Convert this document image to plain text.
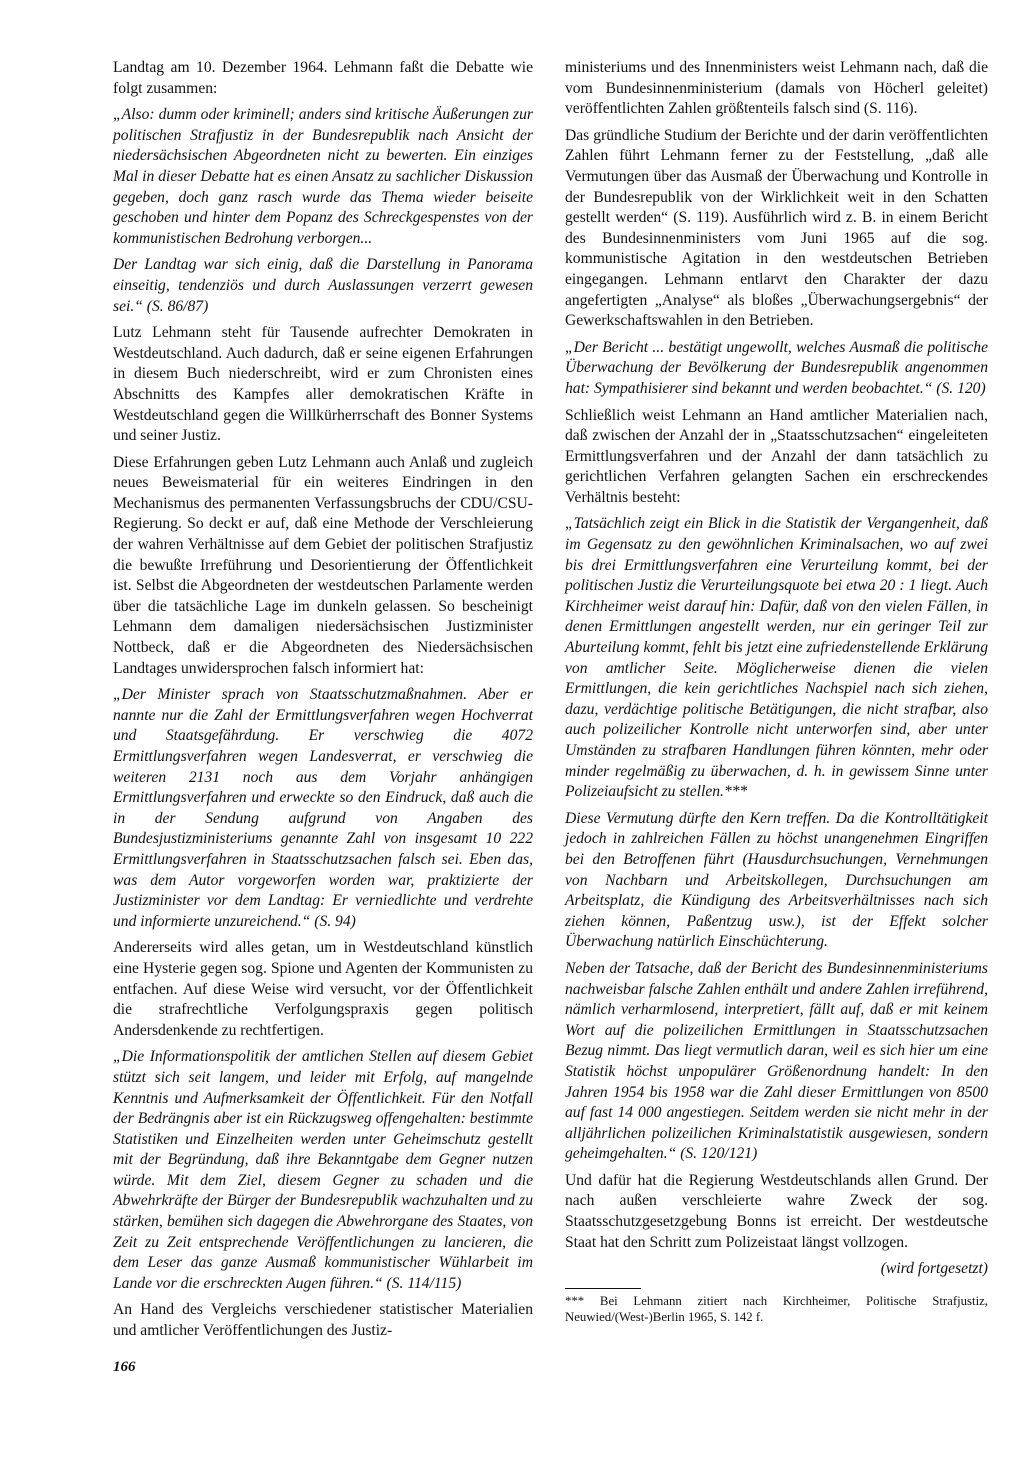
Landtag am 10. Dezember 1964. Lehmann faßt die Debatte wie folgt zusammen:

„Also: dumm oder kriminell; anders sind kritische Äußerungen zur politischen Strafjustiz in der Bundesrepublik nach Ansicht der niedersächsischen Abgeordneten nicht zu bewerten. Ein einziges Mal in dieser Debatte hat es einen Ansatz zu sachlicher Diskussion gegeben, doch ganz rasch wurde das Thema wieder beiseite geschoben und hinter dem Popanz des Schreckgespenstes von der kommunistischen Bedrohung verborgen...

Der Landtag war sich einig, daß die Darstellung in Panorama einseitig, tendenziös und durch Auslassungen verzerrt gewesen sei.“ (S. 86/87)

Lutz Lehmann steht für Tausende aufrechter Demokraten in Westdeutschland. Auch dadurch, daß er seine eigenen Erfahrungen in diesem Buch niederschreibt, wird er zum Chronisten eines Abschnitts des Kampfes aller demokratischen Kräfte in Westdeutschland gegen die Willkürherrschaft des Bonner Systems und seiner Justiz.

Diese Erfahrungen geben Lutz Lehmann auch Anlaß und zugleich neues Beweismaterial für ein weiteres Eindringen in den Mechanismus des permanenten Verfassungsbruchs der CDU/CSU-Regierung. So deckt er auf, daß eine Methode der Verschleierung der wahren Verhältnisse auf dem Gebiet der politischen Strafjustiz die bewußte Irreführung und Desorientierung der Öffentlichkeit ist. Selbst die Abgeordneten der westdeutschen Parlamente werden über die tatsächliche Lage im dunkeln gelassen. So bescheinigt Lehmann dem damaligen niedersächsischen Justizminister Nottbeck, daß er die Abgeordneten des Niedersächsischen Landtages unwidersprochen falsch informiert hat:

„Der Minister sprach von Staatsschutzmaßnahmen. Aber er nannte nur die Zahl der Ermittlungsverfahren wegen Hochverrat und Staatsgefährdung. Er verschwieg die 4072 Ermittlungsverfahren wegen Landesverrat, er verschwieg die weiteren 2131 noch aus dem Vorjahr anhängigen Ermittlungsverfahren und erweckte so den Eindruck, daß auch die in der Sendung aufgrund von Angaben des Bundesjustizministeriums genannte Zahl von insgesamt 10 222 Ermittlungsverfahren in Staatsschutzsachen falsch sei. Eben das, was dem Autor vorgeworfen worden war, praktizierte der Justizminister vor dem Landtag: Er verniedlichte und verdrehte und informierte unzureichend.“ (S. 94)

Andererseits wird alles getan, um in Westdeutschland künstlich eine Hysterie gegen sog. Spione und Agenten der Kommunisten zu entfachen. Auf diese Weise wird versucht, vor der Öffentlichkeit die strafrechtliche Verfolgungspraxis gegen politisch Andersdenkende zu rechtfertigen.

„Die Informationspolitik der amtlichen Stellen auf diesem Gebiet stützt sich seit langem, und leider mit Erfolg, auf mangelnde Kenntnis und Aufmerksamkeit der Öffentlichkeit. Für den Notfall der Bedrängnis aber ist ein Rückzugsweg offengehalten: bestimmte Statistiken und Einzelheiten werden unter Geheimschutz gestellt mit der Begründung, daß ihre Bekanntgabe dem Gegner nutzen würde. Mit dem Ziel, diesem Gegner zu schaden und die Abwehrkräfte der Bürger der Bundesrepublik wachzuhalten und zu stärken, bemühen sich dagegen die Abwehrorgane des Staates, von Zeit zu Zeit entsprechende Veröffentlichungen zu lancieren, die dem Leser das ganze Ausmaß kommunistischer Wühlarbeit im Lande vor die erschreckten Augen führen.“ (S. 114/115)

An Hand des Vergleichs verschiedener statistischer Materialien und amtlicher Veröffentlichungen des Justiz-

ministeriums und des Innenministers weist Lehmann nach, daß die vom Bundesinnenministerium (damals von Höcherl geleitet) veröffentlichten Zahlen größtenteils falsch sind (S. 116).

Das gründliche Studium der Berichte und der darin veröffentlichten Zahlen führt Lehmann ferner zu der Feststellung, „daß alle Vermutungen über das Ausmaß der Überwachung und Kontrolle in der Bundesrepublik von der Wirklichkeit weit in den Schatten gestellt werden“ (S. 119). Ausführlich wird z. B. in einem Bericht des Bundesinnenministers vom Juni 1965 auf die sog. kommunistische Agitation in den westdeutschen Betrieben eingegangen. Lehmann entlarvt den Charakter der dazu angefertigten „Analyse“ als bloßes „Überwachungsergebnis“ der Gewerkschaftswahlen in den Betrieben.

„Der Bericht ... bestätigt ungewollt, welches Ausmaß die politische Überwachung der Bevölkerung der Bundesrepublik angenommen hat: Sympathisierer sind bekannt und werden beobachtet.“ (S. 120)

Schließlich weist Lehmann an Hand amtlicher Materialien nach, daß zwischen der Anzahl der in „Staatsschutzsachen“ eingeleiteten Ermittlungsverfahren und der Anzahl der dann tatsächlich zu gerichtlichen Verfahren gelangten Sachen ein erschreckendes Verhältnis besteht:

„Tatsächlich zeigt ein Blick in die Statistik der Vergangenheit, daß im Gegensatz zu den gewöhnlichen Kriminalsachen, wo auf zwei bis drei Ermittlungsverfahren eine Verurteilung kommt, bei der politischen Justiz die Verurteilungsquote bei etwa 20 : 1 liegt. Auch Kirchheimer weist darauf hin: Dafür, daß von den vielen Fällen, in denen Ermittlungen angestellt werden, nur ein geringer Teil zur Aburteilung kommt, fehlt bis jetzt eine zufriedenstellende Erklärung von amtlicher Seite. Möglicherweise dienen die vielen Ermittlungen, die kein gerichtliches Nachspiel nach sich ziehen, dazu, verdächtige politische Betätigungen, die nicht strafbar, also auch polizeilicher Kontrolle nicht unterworfen sind, aber unter Umständen zu strafbaren Handlungen führen könnten, mehr oder minder regelmäßig zu überwachen, d. h. in gewissem Sinne unter Polizeiaufsicht zu stellen.***

Diese Vermutung dürfte den Kern treffen. Da die Kontrolltätigkeit jedoch in zahlreichen Fällen zu höchst unangenehmen Eingriffen bei den Betroffenen führt (Hausdurchsuchungen, Vernehmungen von Nachbarn und Arbeitskollegen, Durchsuchungen am Arbeitsplatz, die Kündigung des Arbeitsverhältnisses nach sich ziehen können, Paßentzug usw.), ist der Effekt solcher Überwachung natürlich Einschüchterung.

Neben der Tatsache, daß der Bericht des Bundesinnenministeriums nachweisbar falsche Zahlen enthält und andere Zahlen irreführend, nämlich verharmlosend, interpretiert, fällt auf, daß er mit keinem Wort auf die polizeilichen Ermittlungen in Staatsschutzsachen Bezug nimmt. Das liegt vermutlich daran, weil es sich hier um eine Statistik höchst unpopulärer Größenordnung handelt: In den Jahren 1954 bis 1958 war die Zahl dieser Ermittlungen von 8500 auf fast 14 000 angestiegen. Seitdem werden sie nicht mehr in der alljährlichen polizeilichen Kriminalstatistik ausgewiesen, sondern geheimgehalten.“ (S. 120/121)

Und dafür hat die Regierung Westdeutschlands allen Grund. Der nach außen verschleierte wahre Zweck der sog. Staatsschutzgesetzgebung Bonns ist erreicht. Der westdeutsche Staat hat den Schritt zum Polizeistaat längst vollzogen.

(wird fortgesetzt)

*** Bei Lehmann zitiert nach Kirchheimer, Politische Strafjustiz, Neuwied/(West-)Berlin 1965, S. 142 f.

166
